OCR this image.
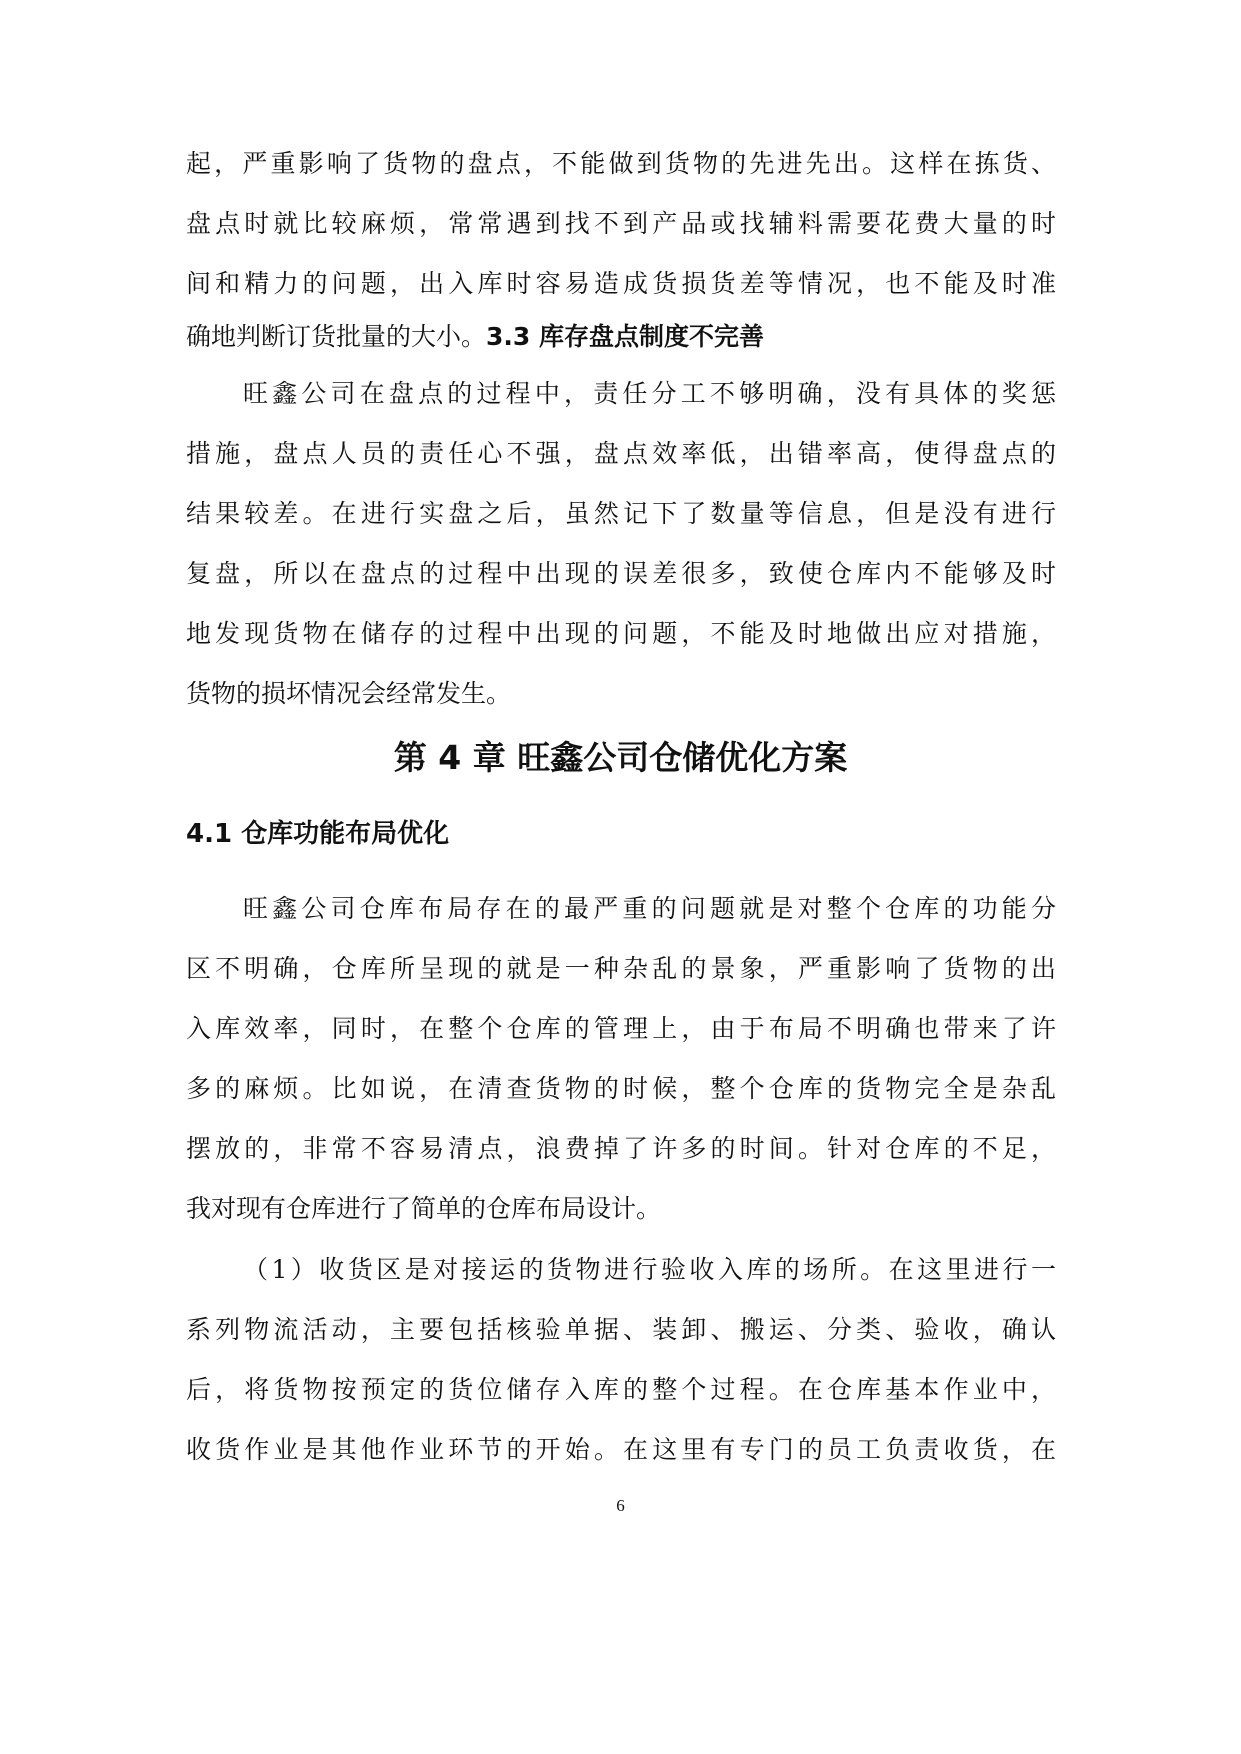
起，严重影响了货物的盘点，不能做到货物的先进先出。这样在拣货、
盘点时就比较麻烦，常常遇到找不到产品或找辅料需要花费大量的时
间和精力的问题，出入库时容易造成货损货差等情况，也不能及时准
确地判断订货批量的大小。3.3 库存盘点制度不完善
旺鑫公司在盘点的过程中，责任分工不够明确，没有具体的奖惩
措施，盘点人员的责任心不强，盘点效率低，出错率高，使得盘点的
结果较差。在进行实盘之后，虽然记下了数量等信息，但是没有进行
复盘，所以在盘点的过程中出现的误差很多，致使仓库内不能够及时
地发现货物在储存的过程中出现的问题，不能及时地做出应对措施，
货物的损坏情况会经常发生。
第 4 章 旺鑫公司仓储优化方案
4.1 仓库功能布局优化
旺鑫公司仓库布局存在的最严重的问题就是对整个仓库的功能分
区不明确，仓库所呈现的就是一种杂乱的景象，严重影响了货物的出
入库效率，同时，在整个仓库的管理上，由于布局不明确也带来了许
多的麻烦。比如说，在清查货物的时候，整个仓库的货物完全是杂乱
摆放的，非常不容易清点，浪费掉了许多的时间。针对仓库的不足，
我对现有仓库进行了简单的仓库布局设计。
（1）收货区是对接运的货物进行验收入库的场所。在这里进行一
系列物流活动，主要包括核验单据、装卸、搬运、分类、验收，确认
后，将货物按预定的货位储存入库的整个过程。在仓库基本作业中，
收货作业是其他作业环节的开始。在这里有专门的员工负责收货，在
6
